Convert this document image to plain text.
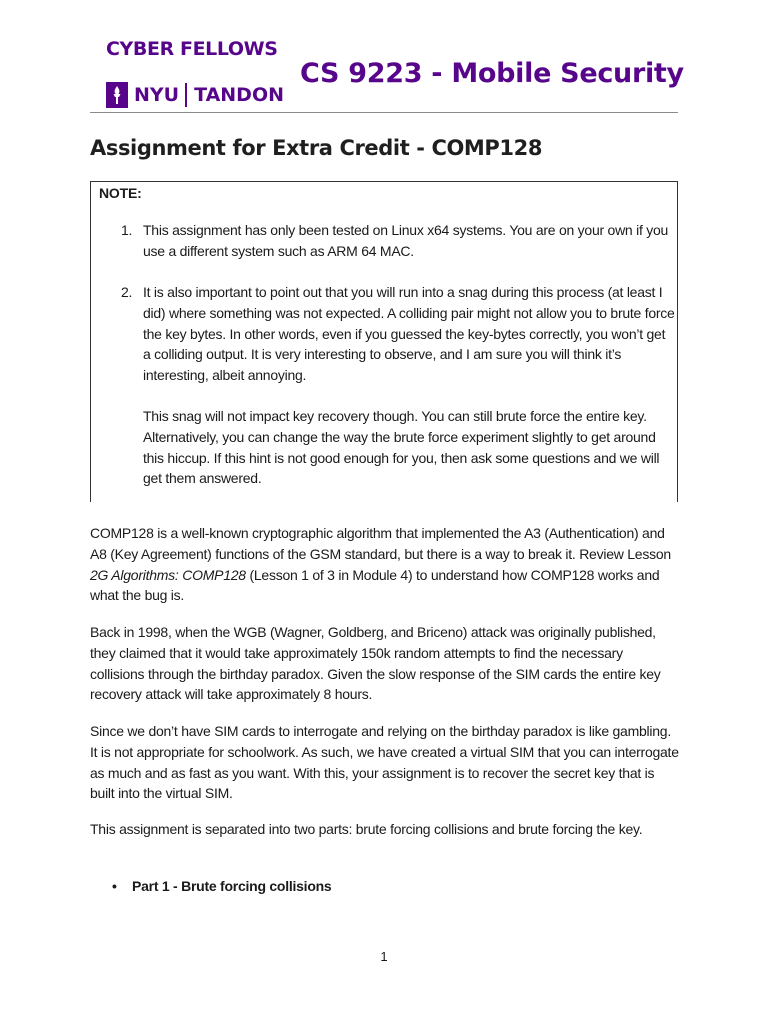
CYBER FELLOWS
NYU TANDON
CS 9223 - Mobile Security
Assignment for Extra Credit - COMP128
NOTE:
1. This assignment has only been tested on Linux x64 systems. You are on your own if you use a different system such as ARM 64 MAC.
2. It is also important to point out that you will run into a snag during this process (at least I did) where something was not expected. A colliding pair might not allow you to brute force the key bytes. In other words, even if you guessed the key-bytes correctly, you won’t get a colliding output. It is very interesting to observe, and I am sure you will think it’s interesting, albeit annoying.
This snag will not impact key recovery though. You can still brute force the entire key. Alternatively, you can change the way the brute force experiment slightly to get around this hiccup. If this hint is not good enough for you, then ask some questions and we will get them answered.
COMP128 is a well-known cryptographic algorithm that implemented the A3 (Authentication) and A8 (Key Agreement) functions of the GSM standard, but there is a way to break it. Review Lesson 2G Algorithms: COMP128 (Lesson 1 of 3 in Module 4) to understand how COMP128 works and what the bug is.
Back in 1998, when the WGB (Wagner, Goldberg, and Briceno) attack was originally published, they claimed that it would take approximately 150k random attempts to find the necessary collisions through the birthday paradox. Given the slow response of the SIM cards the entire key recovery attack will take approximately 8 hours.
Since we don’t have SIM cards to interrogate and relying on the birthday paradox is like gambling. It is not appropriate for schoolwork. As such, we have created a virtual SIM that you can interrogate as much and as fast as you want. With this, your assignment is to recover the secret key that is built into the virtual SIM.
This assignment is separated into two parts: brute forcing collisions and brute forcing the key.
• Part 1 - Brute forcing collisions
1
